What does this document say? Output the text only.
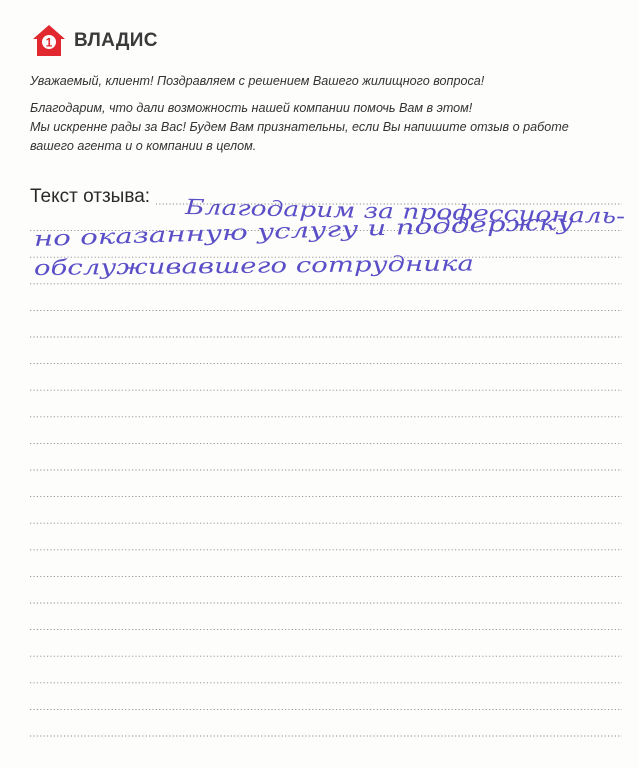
1 ВЛАДИС
Уважаемый, клиент! Поздравляем с решением Вашего жилищного вопроса!
Благодарим, что дали возможность нашей компании помочь Вам в этом!
Мы искренне рады за Вас! Будем Вам признательны, если Вы напишите отзыв о работе
вашего агента и о компании в целом.
Текст отзыва: Благодарим за профессиональ-
но оказанную услугу и поддержку
обслуживавшего сотрудника
